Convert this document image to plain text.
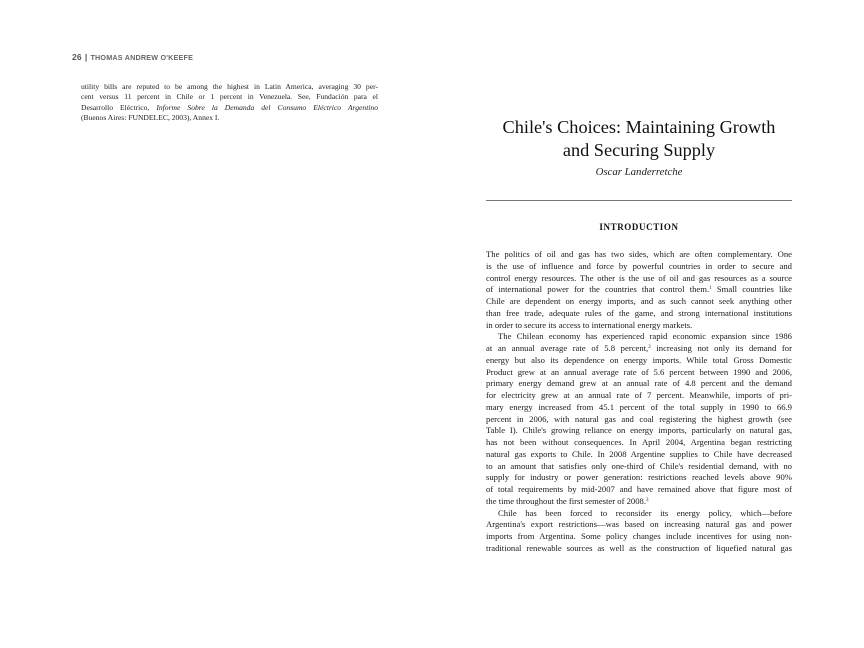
26 | THOMAS ANDREW O'KEEFE
utility bills are reputed to be among the highest in Latin America, averaging 30 per-
cent versus 11 percent in Chile or 1 percent in Venezuela. See, Fundación para el
Desarrollo Eléctrico, Informe Sobre la Demanda del Consumo Eléctrico Argentino
(Buenos Aires: FUNDELEC, 2003), Annex I.	Chile's Choices: Maintaining Growth
and Securing Supply
Oscar Landerretche
INTRODUCTION
The politics of oil and gas has two sides, which are often complementary. One
is the use of influence and force by powerful countries in order to secure and
control energy resources. The other is the use of oil and gas resources as a source
of international power for the countries that control them.$^1$ Small countries like
Chile are dependent on energy imports, and as such cannot seek anything other
than free trade, adequate rules of the game, and strong international institutions
in order to secure its access to international energy markets.
The Chilean economy has experienced rapid economic expansion since 1986
at an annual average rate of 5.8 percent,$^2$ increasing not only its demand for
energy but also its dependence on energy imports. While total Gross Domestic
Product grew at an annual average rate of 5.6 percent between 1990 and 2006,
primary energy demand grew at an annual rate of 4.8 percent and the demand
for electricity grew at an annual rate of 7 percent. Meanwhile, imports of pri-
mary energy increased from 45.1 percent of the total supply in 1990 to 66.9
percent in 2006, with natural gas and coal registering the highest growth (see
Table I). Chile's growing reliance on energy imports, particularly on natural gas,
has not been without consequences. In April 2004, Argentina began restricting
natural gas exports to Chile. In 2008 Argentine supplies to Chile have decreased
to an amount that satisfies only one-third of Chile's residential demand, with no
supply for industry or power generation: restrictions reached levels above 90%
of total requirements by mid-2007 and have remained above that figure most of
the time throughout the first semester of 2008.$^3$
Chile has been forced to reconsider its energy policy, which—before
Argentina's export restrictions—was based on increasing natural gas and power
imports from Argentina. Some policy changes include incentives for using non-
traditional renewable sources as well as the construction of liquefied natural gas
